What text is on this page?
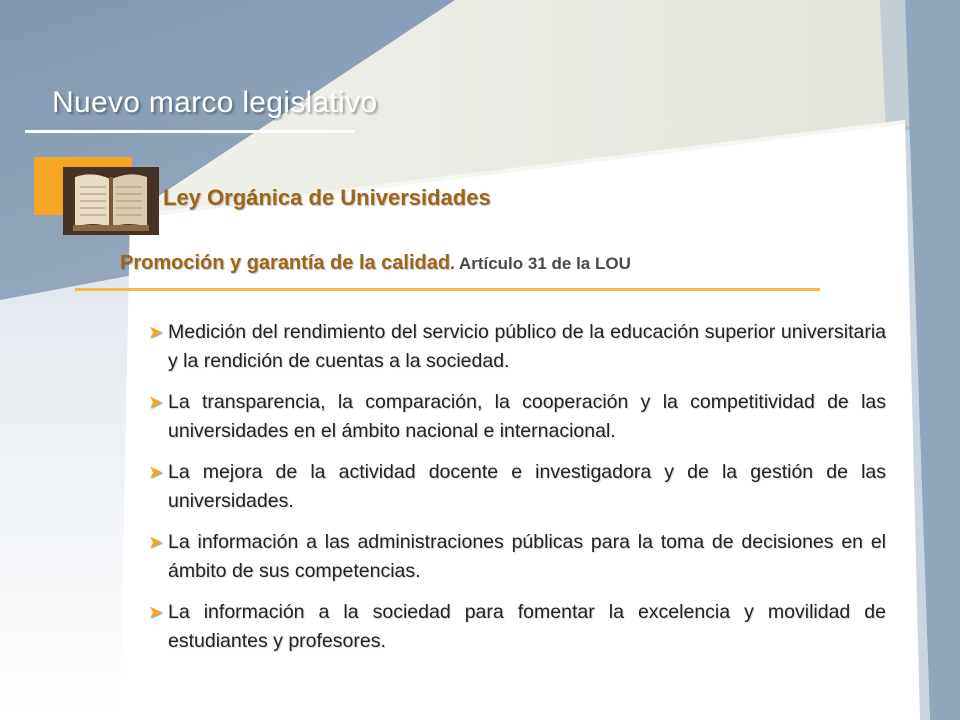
Nuevo marco legislativo
Ley Orgánica de Universidades
Promoción y garantía de la calidad. Artículo 31 de la LOU
➤ Medición del rendimiento del servicio público de la educación superior universitaria y la rendición de cuentas a la sociedad.
➤ La transparencia, la comparación, la cooperación y la competitividad de las universidades en el ámbito nacional e internacional.
➤ La mejora de la actividad docente e investigadora y de la gestión de las universidades.
➤ La información a las administraciones públicas para la toma de decisiones en el ámbito de sus competencias.
➤ La información a la sociedad para fomentar la excelencia y movilidad de estudiantes y profesores.
